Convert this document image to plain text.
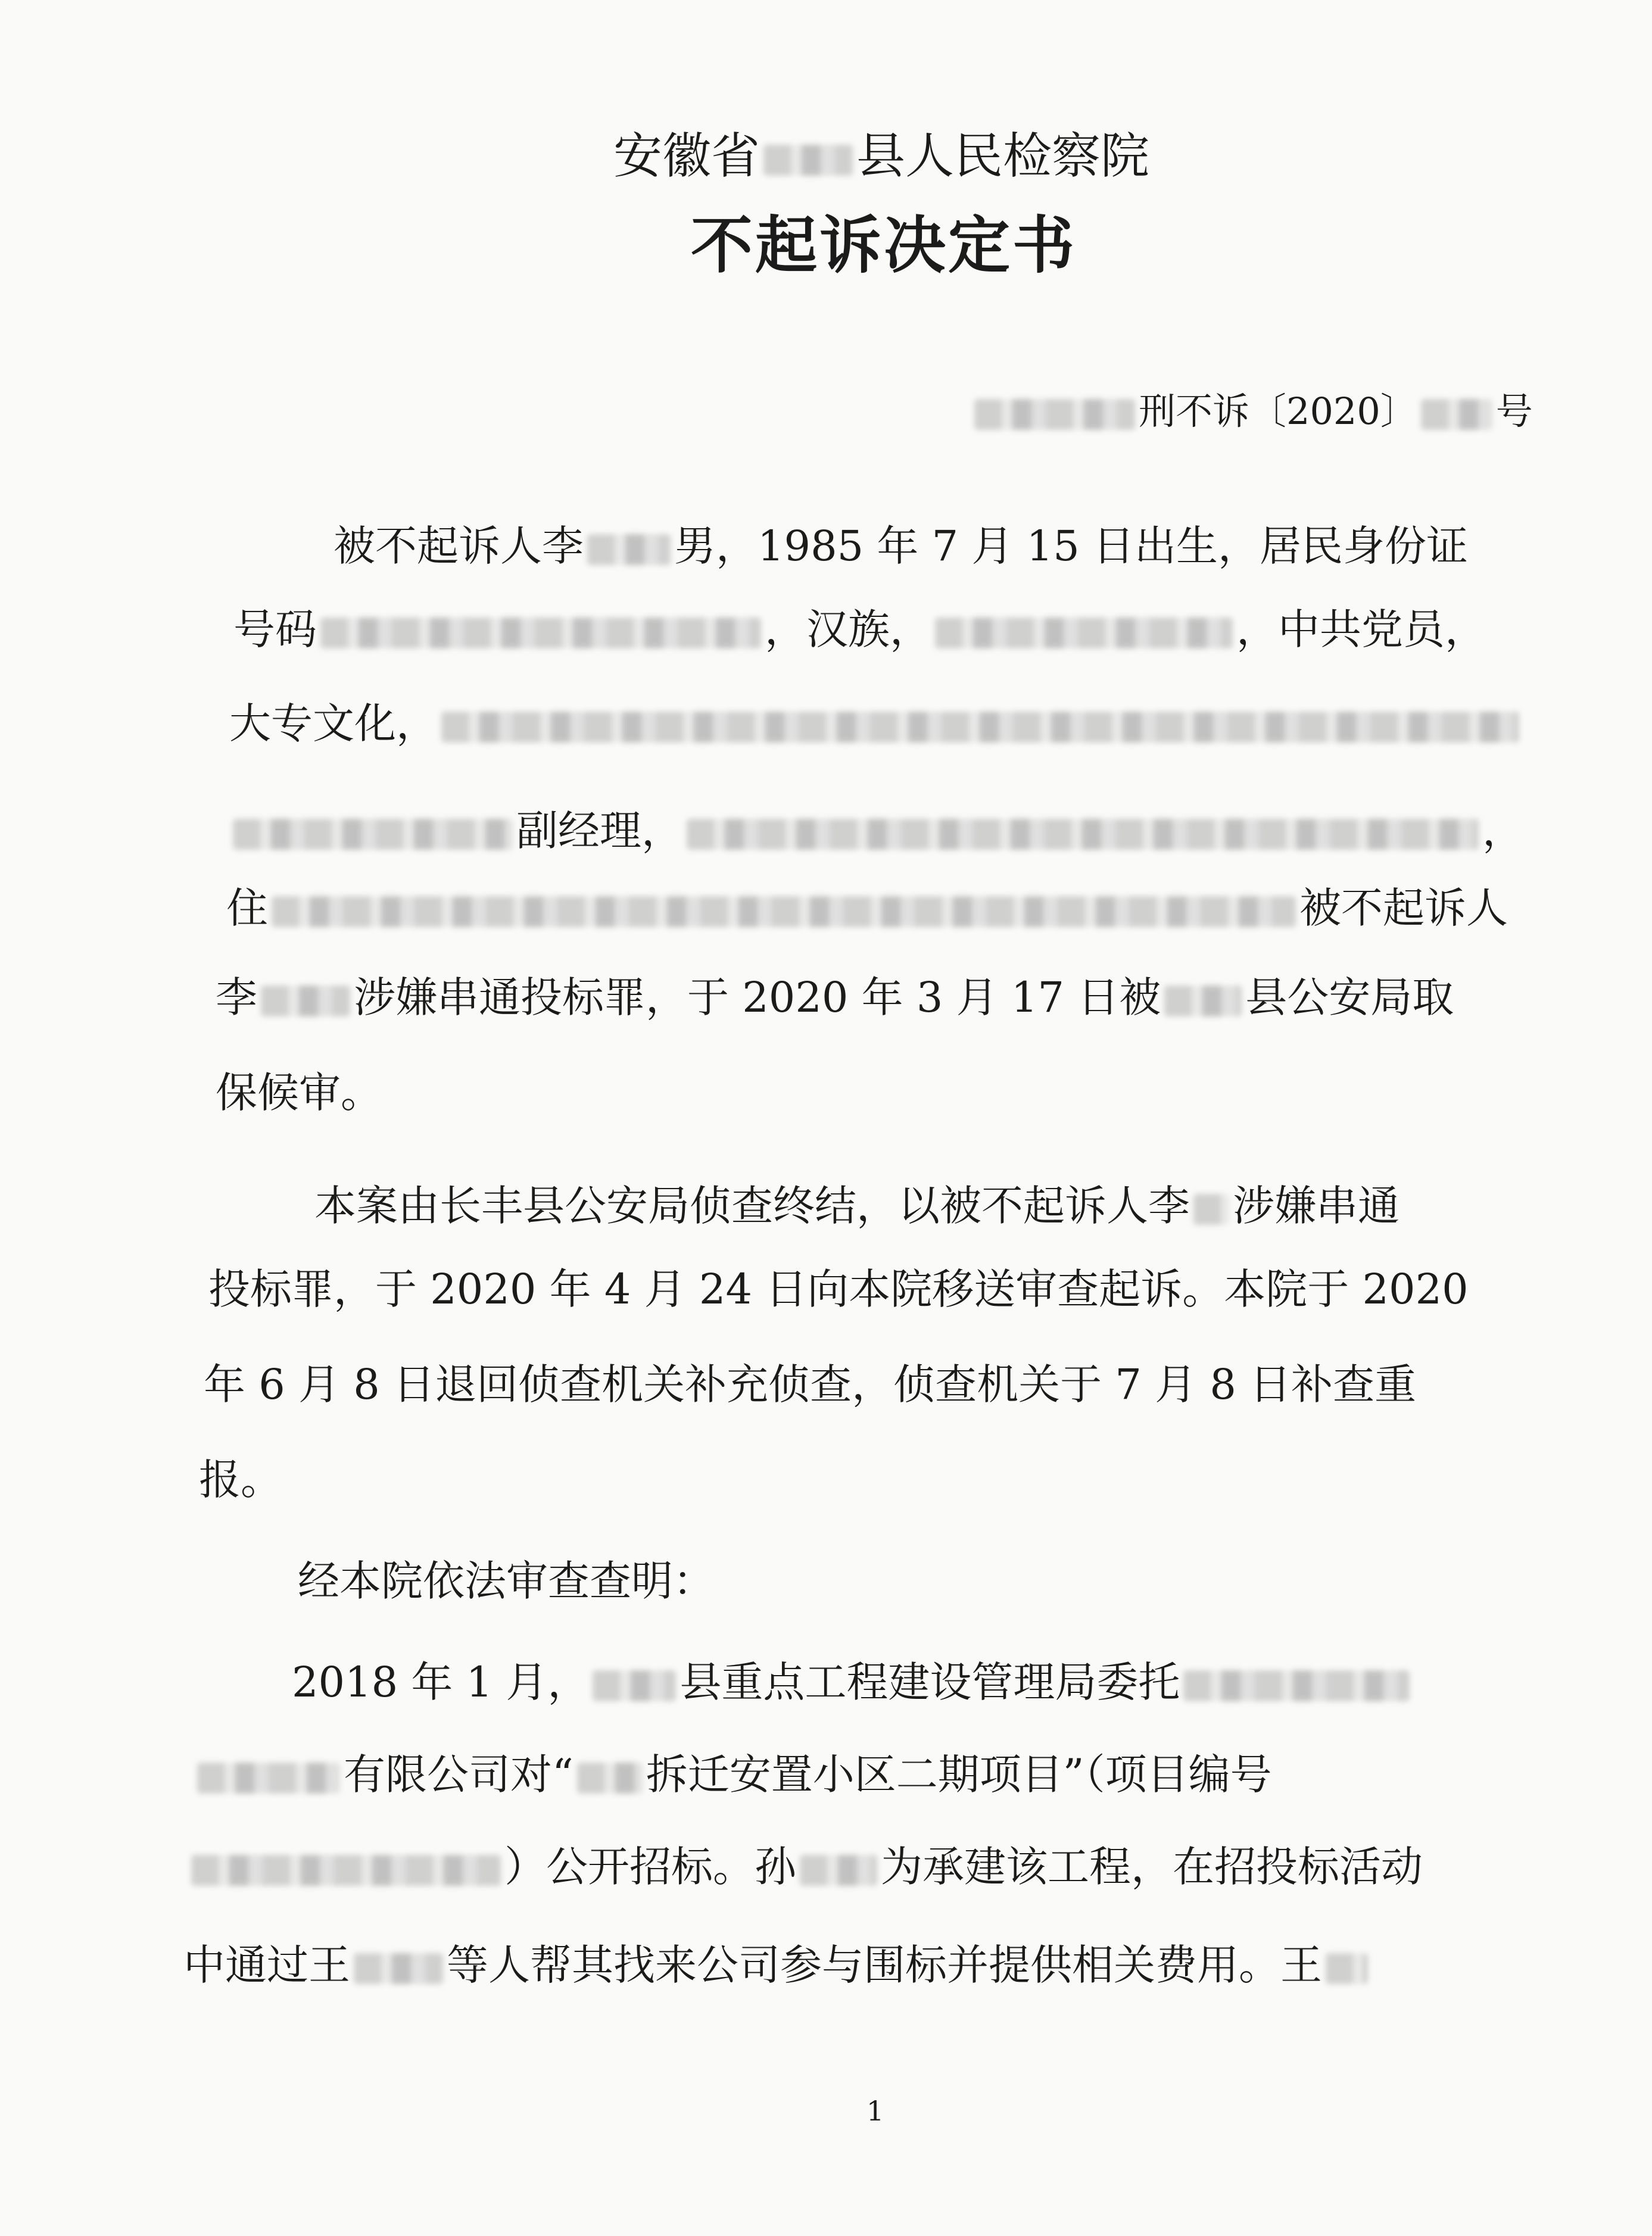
安徽省 县人民检察院
不起诉决定书
刑不诉〔2020〕 号
被不起诉人李 男，1985 年 7 月 15 日出生，居民身份证
号码	，汉族，	，中共党员，
大专文化，
副经理，	，
住	被不起诉人
李 涉嫌串通投标罪，于 2020 年 3 月 17 日被 县公安局取
保候审。
本案由长丰县公安局侦查终结，以被不起诉人李 涉嫌串通
投标罪，于 2020 年 4 月 24 日向本院移送审查起诉。本院于 2020
年 6 月 8 日退回侦查机关补充侦查，侦查机关于 7 月 8 日补查重
报。
经本院依法审查查明：
2018 年 1 月， 县重点工程建设管理局委托
有限公司对“ 拆迁安置小区二期项目”（项目编号
）公开招标。孙 为承建该工程，在招投标活动
中通过王 等人帮其找来公司参与围标并提供相关费用。王
1
